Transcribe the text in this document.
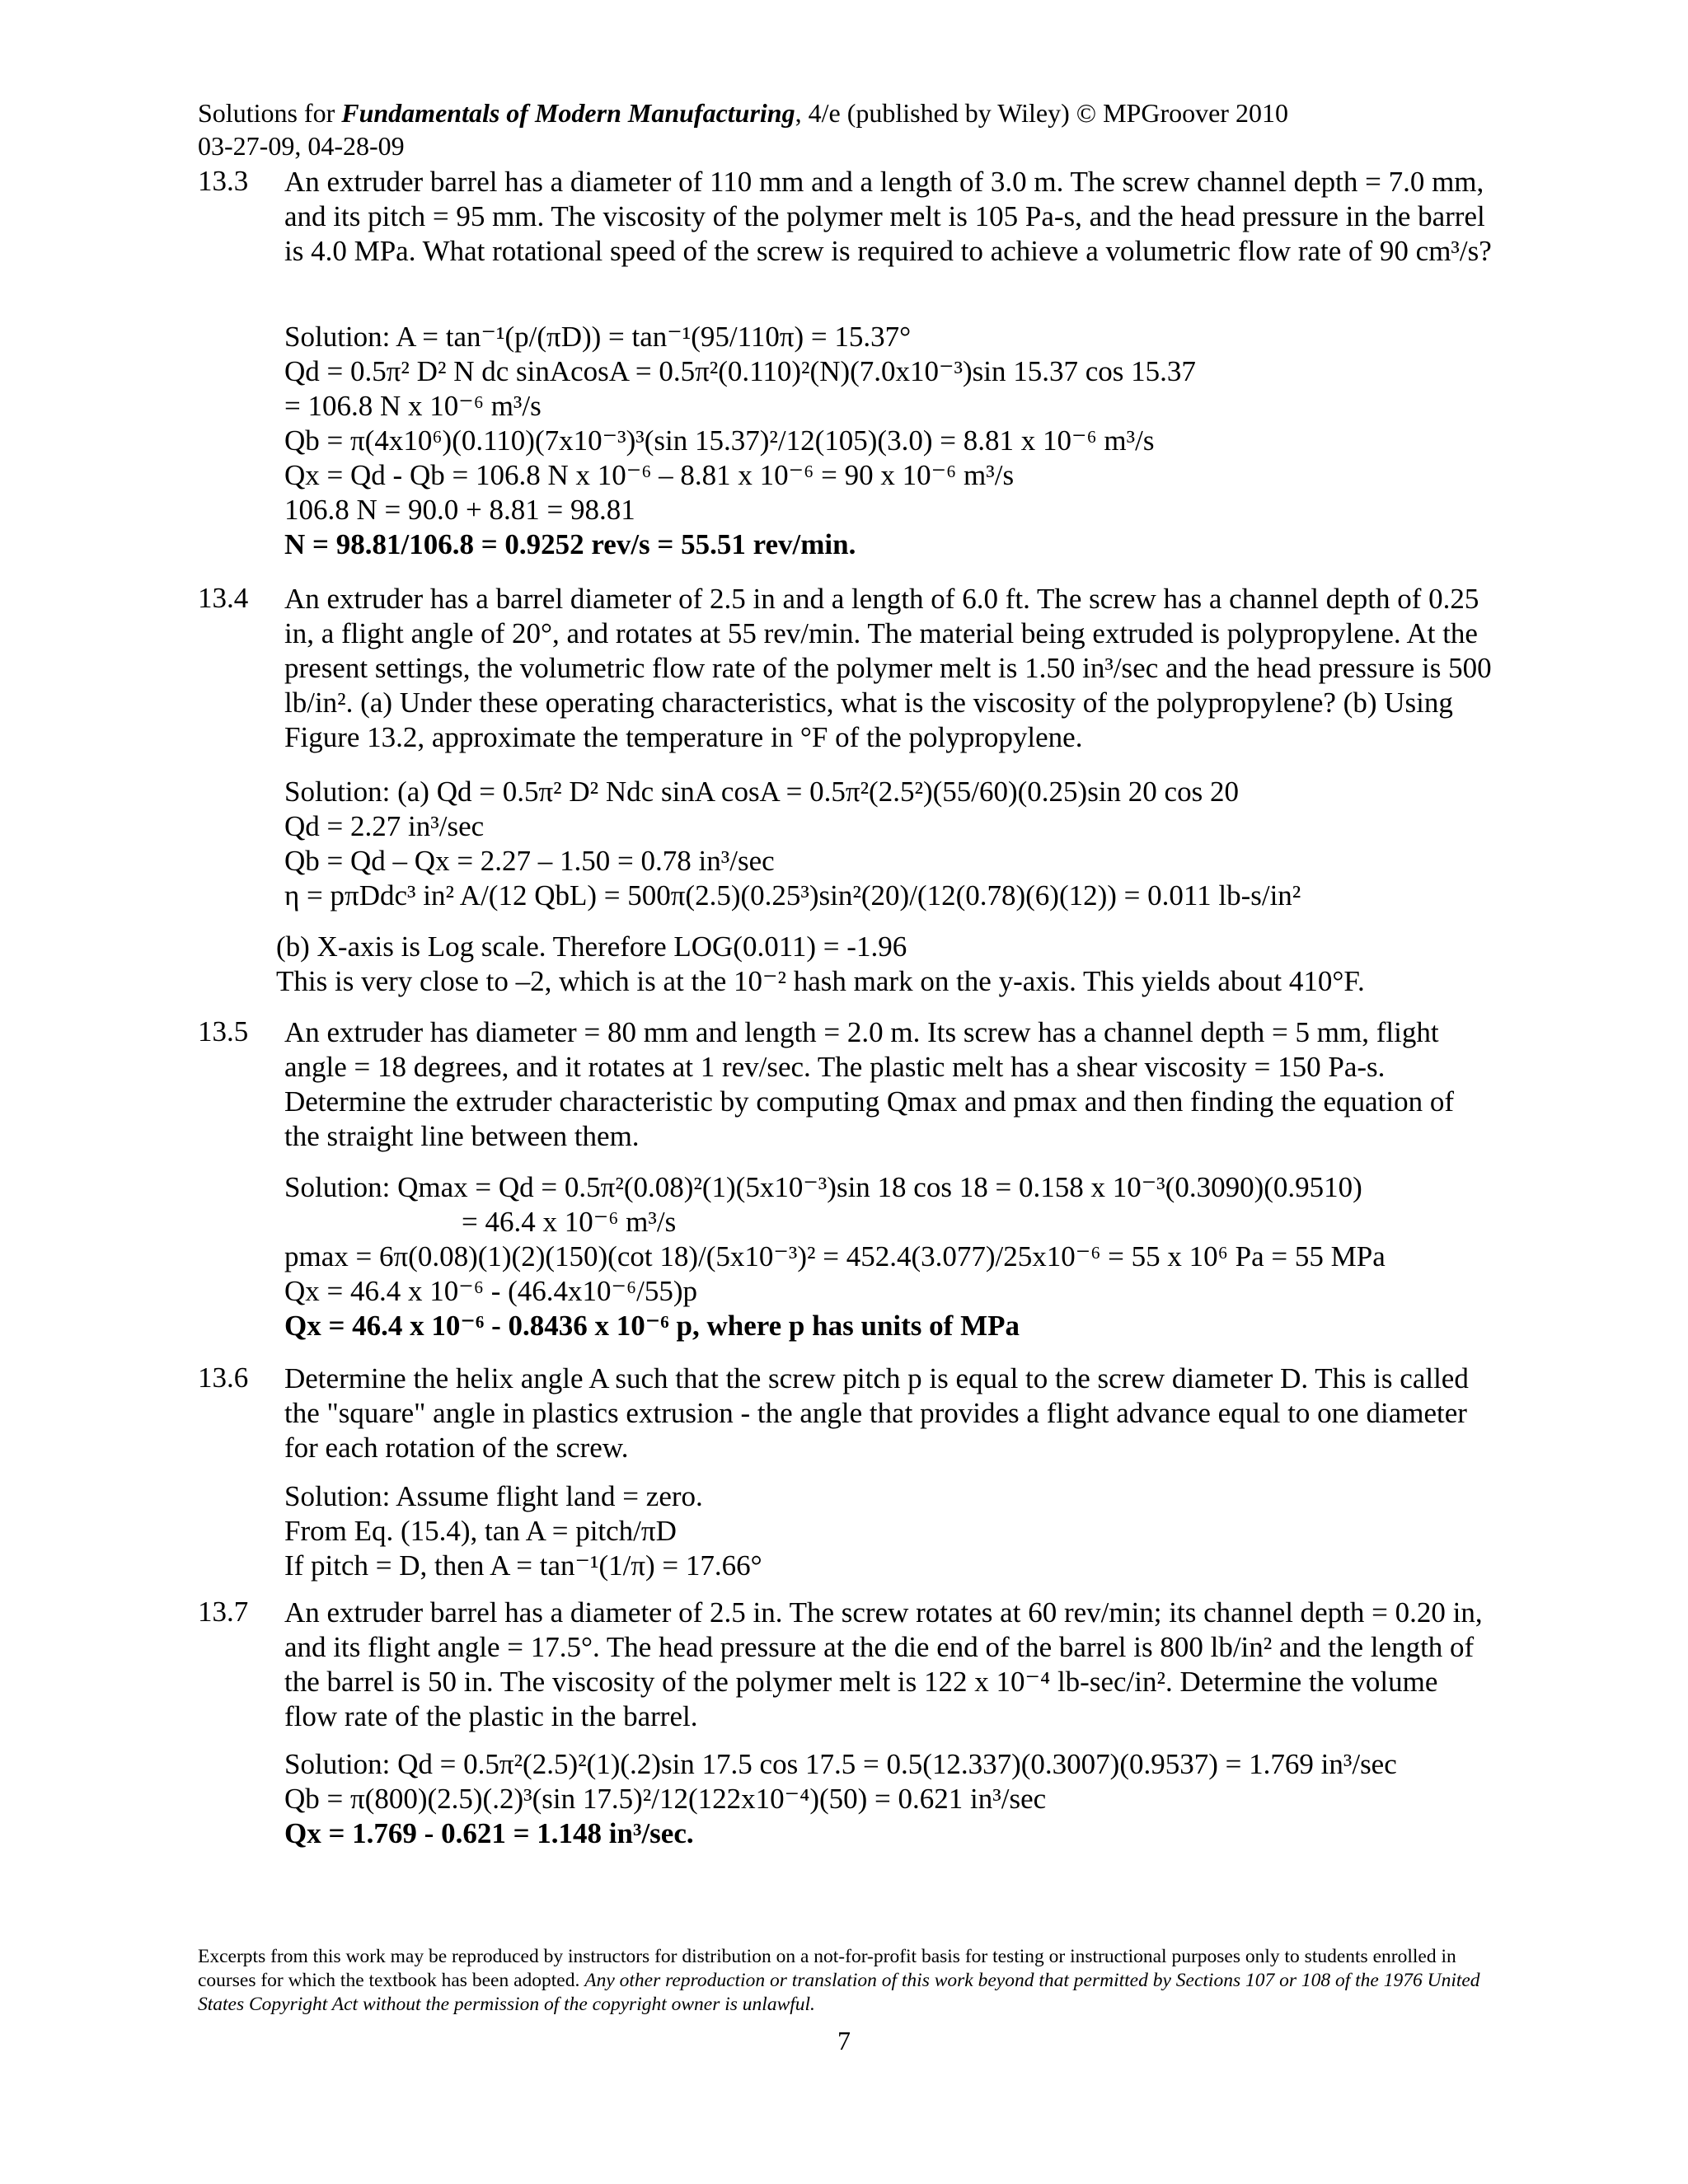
Solutions for Fundamentals of Modern Manufacturing, 4/e (published by Wiley) © MPGroover 2010
03-27-09, 04-28-09
13.3 An extruder barrel has a diameter of 110 mm and a length of 3.0 m. The screw channel depth = 7.0 mm, and its pitch = 95 mm. The viscosity of the polymer melt is 105 Pa-s, and the head pressure in the barrel is 4.0 MPa. What rotational speed of the screw is required to achieve a volumetric flow rate of 90 cm³/s?
Solution: A = tan⁻¹(p/(πD)) = tan⁻¹(95/110π) = 15.37°
Qd = 0.5π² D² N dc sinAcosA = 0.5π²(0.110)²(N)(7.0x10⁻³)sin 15.37 cos 15.37
= 106.8 N x 10⁻⁶ m³/s
Qb = π(4x10⁶)(0.110)(7x10⁻³)³(sin 15.37)²/12(105)(3.0) = 8.81 x 10⁻⁶ m³/s
Qx = Qd - Qb = 106.8 N x 10⁻⁶ – 8.81 x 10⁻⁶ = 90 x 10⁻⁶ m³/s
106.8 N = 90.0 + 8.81 = 98.81
N = 98.81/106.8 = 0.9252 rev/s = 55.51 rev/min.
13.4 An extruder has a barrel diameter of 2.5 in and a length of 6.0 ft. The screw has a channel depth of 0.25 in, a flight angle of 20°, and rotates at 55 rev/min. The material being extruded is polypropylene. At the present settings, the volumetric flow rate of the polymer melt is 1.50 in³/sec and the head pressure is 500 lb/in². (a) Under these operating characteristics, what is the viscosity of the polypropylene? (b) Using Figure 13.2, approximate the temperature in °F of the polypropylene.
Solution: (a) Qd = 0.5π² D² Ndc sinA cosA = 0.5π²(2.5²)(55/60)(0.25)sin 20 cos 20
Qd = 2.27 in³/sec
Qb = Qd – Qx = 2.27 – 1.50 = 0.78 in³/sec
η = pπDdc³ in² A/(12 QbL) = 500π(2.5)(0.25³)sin²(20)/(12(0.78)(6)(12)) = 0.011 lb-s/in²
(b) X-axis is Log scale. Therefore LOG(0.011) = -1.96
This is very close to –2, which is at the 10⁻² hash mark on the y-axis. This yields about 410°F.
13.5 An extruder has diameter = 80 mm and length = 2.0 m. Its screw has a channel depth = 5 mm, flight angle = 18 degrees, and it rotates at 1 rev/sec. The plastic melt has a shear viscosity = 150 Pa-s. Determine the extruder characteristic by computing Qmax and pmax and then finding the equation of the straight line between them.
Solution: Qmax = Qd = 0.5π²(0.08)²(1)(5x10⁻³)sin 18 cos 18 = 0.158 x 10⁻³(0.3090)(0.9510)
= 46.4 x 10⁻⁶ m³/s
pmax = 6π(0.08)(1)(2)(150)(cot 18)/(5x10⁻³)² = 452.4(3.077)/25x10⁻⁶ = 55 x 10⁶ Pa = 55 MPa
Qx = 46.4 x 10⁻⁶ - (46.4x10⁻⁶/55)p
Qx = 46.4 x 10⁻⁶ - 0.8436 x 10⁻⁶ p, where p has units of MPa
13.6 Determine the helix angle A such that the screw pitch p is equal to the screw diameter D. This is called the "square" angle in plastics extrusion - the angle that provides a flight advance equal to one diameter for each rotation of the screw.
Solution: Assume flight land = zero.
From Eq. (15.4), tan A = pitch/πD
If pitch = D, then A = tan⁻¹(1/π) = 17.66°
13.7 An extruder barrel has a diameter of 2.5 in. The screw rotates at 60 rev/min; its channel depth = 0.20 in, and its flight angle = 17.5°. The head pressure at the die end of the barrel is 800 lb/in² and the length of the barrel is 50 in. The viscosity of the polymer melt is 122 x 10⁻⁴ lb-sec/in². Determine the volume flow rate of the plastic in the barrel.
Solution: Qd = 0.5π²(2.5)²(1)(.2)sin 17.5 cos 17.5 = 0.5(12.337)(0.3007)(0.9537) = 1.769 in³/sec
Qb = π(800)(2.5)(.2)³(sin 17.5)²/12(122x10⁻⁴)(50) = 0.621 in³/sec
Qx = 1.769 - 0.621 = 1.148 in³/sec.
Excerpts from this work may be reproduced by instructors for distribution on a not-for-profit basis for testing or instructional purposes only to students enrolled in courses for which the textbook has been adopted. Any other reproduction or translation of this work beyond that permitted by Sections 107 or 108 of the 1976 United States Copyright Act without the permission of the copyright owner is unlawful.
7
